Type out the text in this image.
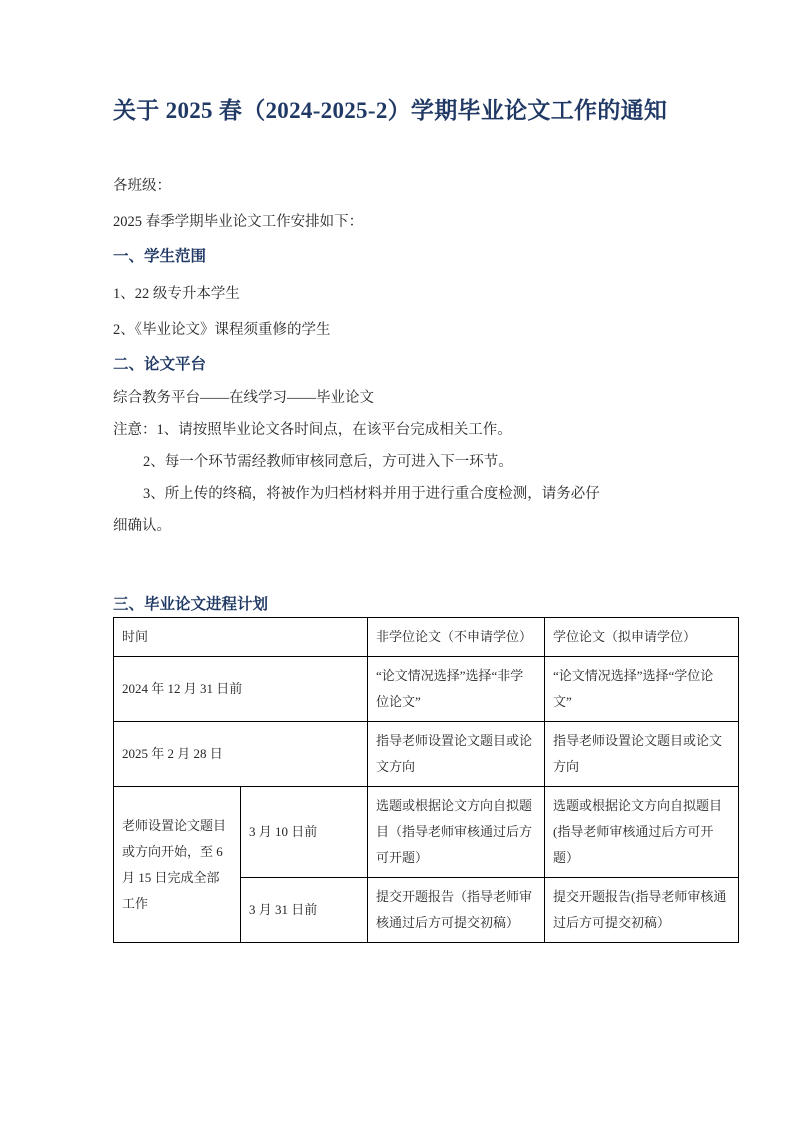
关于 2025 春（2024-2025-2）学期毕业论文工作的通知

各班级：

2025 春季学期毕业论文工作安排如下：

一、学生范围

1、22 级专升本学生

2、《毕业论文》课程须重修的学生

二、论文平台

综合教务平台——在线学习——毕业论文

注意：1、请按照毕业论文各时间点，在该平台完成相关工作。

2、每一个环节需经教师审核同意后，方可进入下一环节。

3、所上传的终稿，将被作为归档材料并用于进行重合度检测，请务必仔

细确认。

三、毕业论文进程计划
时间		非学位论文（不申请学位）	学位论文（拟申请学位）
2024 年 12 月 31 日前		“论文情况选择”选择“非学位论文”	“论文情况选择”选择“学位论文”
2025 年 2 月 28 日		指导老师设置论文题目或论文方向	指导老师设置论文题目或论文方向
老师设置论文题目或方向开始，至 6 月 15 日完成全部工作	3 月 10 日前	选题或根据论文方向自拟题目（指导老师审核通过后方可开题）	选题或根据论文方向自拟题目(指导老师审核通过后方可开题）
	3 月 31 日前	提交开题报告（指导老师审核通过后方可提交初稿）	提交开题报告(指导老师审核通过后方可提交初稿）
